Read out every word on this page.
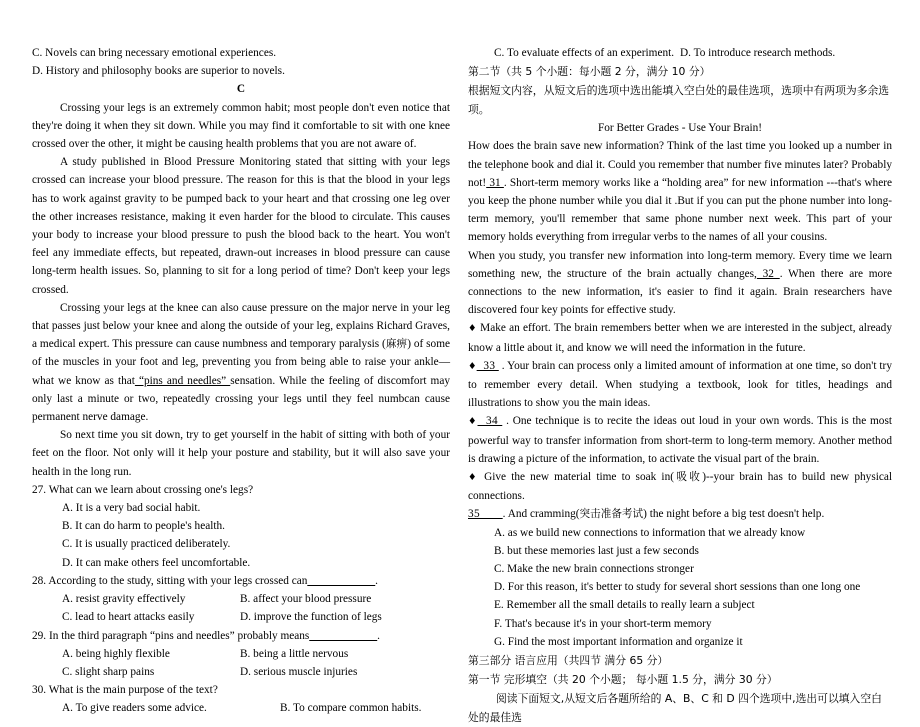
C. Novels can bring necessary emotional experiences.
D. History and philosophy books are superior to novels.
C

Crossing your legs is an extremely common habit; most people don't even notice that they're doing it when they sit down. While you may find it comfortable to sit with one knee crossed over the other, it might be causing health problems that you are not aware of.

A study published in Blood Pressure Monitoring stated that sitting with your legs crossed can increase your blood pressure. The reason for this is that the blood in your legs has to work against gravity to be pumped back to your heart and that crossing one leg over the other increases resistance, making it even harder for the blood to circulate. This causes your body to increase your blood pressure to push the blood back to the heart. You won't feel any immediate effects, but repeated, drawn-out increases in blood pressure can cause long-term health issues. So, planning to sit for a long period of time? Don't keep your legs crossed.

Crossing your legs at the knee can also cause pressure on the major nerve in your leg that passes just below your knee and along the outside of your leg, explains Richard Graves, a medical expert. This pressure can cause numbness and temporary paralysis (麻痹) of some of the muscles in your foot and leg, preventing you from being able to raise your ankle—what we know as that “pins and needles” sensation. While the feeling of discomfort may only last a minute or two, repeatedly crossing your legs until they feel numbcan cause permanent nerve damage.

So next time you sit down, try to get yourself in the habit of sitting with both of your feet on the floor. Not only will it help your posture and stability, but it will also save your health in the long run.

27. What can we learn about crossing one's legs?
A. It is a very bad social habit.
B. It can do harm to people's health.
C. It is usually practiced deliberately.
D. It can make others feel uncomfortable.
28. According to the study, sitting with your legs crossed can____________.
A. resist gravity effectively	B. affect your blood pressure
C. lead to heart attacks easily	D. improve the function of legs
29. In the third paragraph “pins and needles” probably means____________.
A. being highly flexible	B. being a little nervous
C. slight sharp pains	D. serious muscle injuries
30. What is the main purpose of the text?
A. To give readers some advice.	B. To compare common habits.
C. To evaluate effects of an experiment. D. To introduce research methods.
第二节（共 5 个小题：每小题 2 分，满分 10 分）
根据短文内容，从短文后的选项中选出能填入空白处的最佳选项，选项中有两项为多余选项。
For Better Grades - Use Your Brain!

How does the brain save new information? Think of the last time you looked up a number in the telephone book and dial it. Could you remember that number five minutes later? Probably not! 31 . Short-term memory works like a “holding area” for new information ---that's where you keep the phone number while you dial it .But if you can put the phone number into long-term memory, you'll remember that same phone number next week. This part of your memory holds everything from irregular verbs to the names of all your cousins.

When you study, you transfer new information into long-term memory. Every time we learn something new, the structure of the brain actually changes, 32 . When there are more connections to the new information, it's easier to find it again. Brain researchers have discovered four key points for effective study.

♦ Make an effort. The brain remembers better when we are interested in the subject, already know a little about it, and know we will need the information in the future.

♦  33  . Your brain can process only a limited amount of information at one time, so don't try to remember every detail. When studying a textbook, look for titles, headings and illustrations to show you the main ideas.

♦  34  . One technique is to recite the ideas out loud in your own words. This is the most powerful way to transfer information from short-term to long-term memory. Another method is drawing a picture of the information, to activate the visual part of the brain.

♦ Give the new material time to soak in(吸收)--your brain has to build new physical connections.

35       . And cramming(突击准备考试) the night before a big test doesn't help.

A. as we build new connections to information that we already know
B. but these memories last just a few seconds
C. Make the new brain connections stronger
D. For this reason, it's better to study for several short sessions than one long one
E. Remember all the small details to really learn a subject
F. That's because it's in your short-term memory
G. Find the most important information and organize it
第三部分 语言应用（共四节 满分 65 分）
第一节 完形填空（共 20 个小题； 每小题 1.5 分，满分 30 分）
阅读下面短文,从短文后各题所给的 A、B、C 和 D 四个选项中,选出可以填入空白处的最佳选
